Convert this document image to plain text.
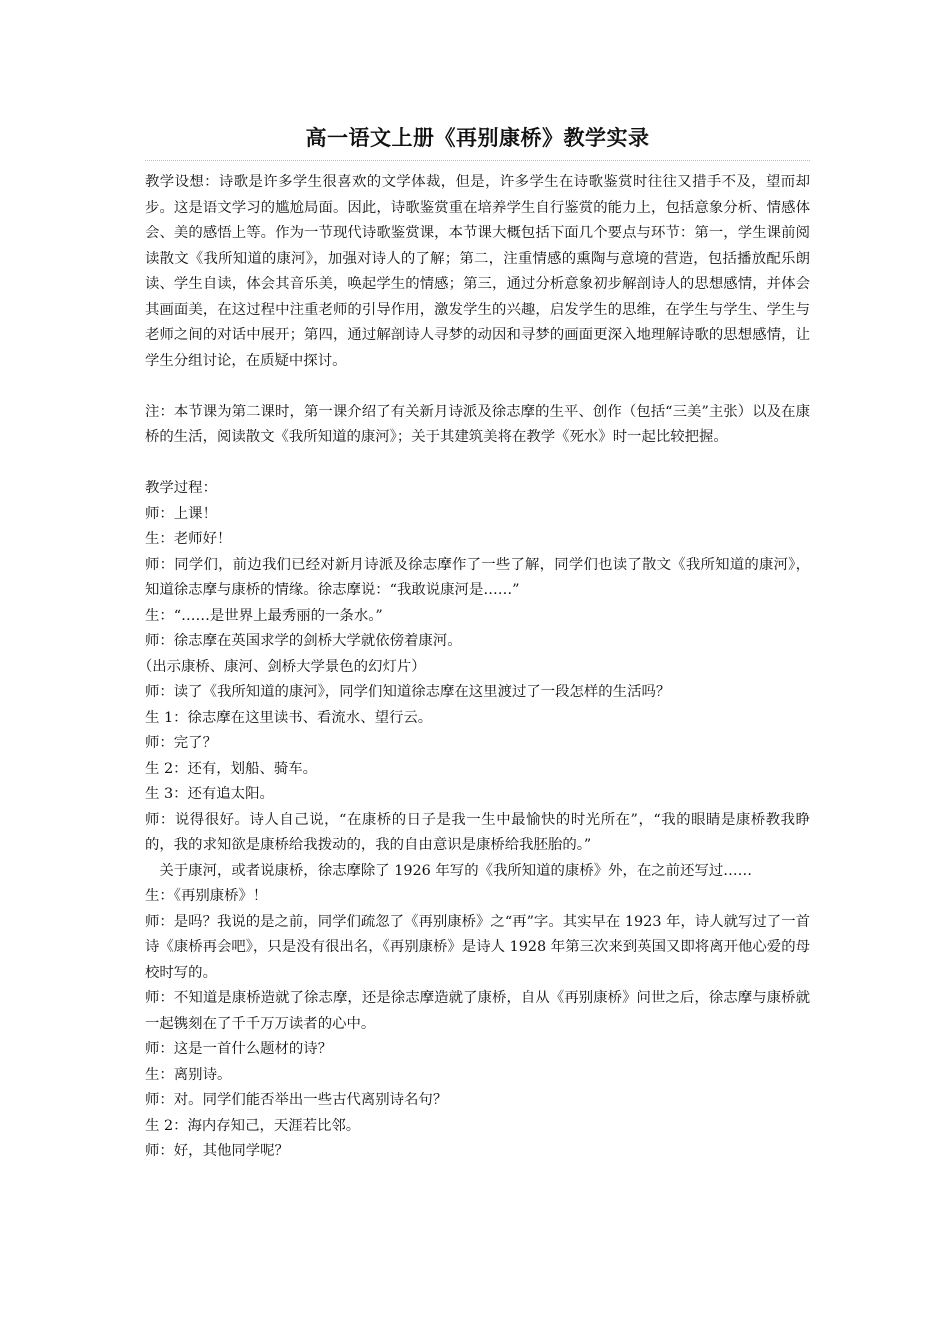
高一语文上册《再别康桥》教学实录

教学设想：诗歌是许多学生很喜欢的文学体裁，但是，许多学生在诗歌鉴赏时往往又措手不及，望而却步。这是语文学习的尴尬局面。因此，诗歌鉴赏重在培养学生自行鉴赏的能力上，包括意象分析、情感体会、美的感悟上等。作为一节现代诗歌鉴赏课，本节课大概包括下面几个要点与环节：第一，学生课前阅读散文《我所知道的康河》，加强对诗人的了解；第二，注重情感的熏陶与意境的营造，包括播放配乐朗读、学生自读，体会其音乐美，唤起学生的情感；第三，通过分析意象初步解剖诗人的思想感情，并体会其画面美，在这过程中注重老师的引导作用，激发学生的兴趣，启发学生的思维，在学生与学生、学生与老师之间的对话中展开；第四，通过解剖诗人寻梦的动因和寻梦的画面更深入地理解诗歌的思想感情，让学生分组讨论，在质疑中探讨。

注：本节课为第二课时，第一课介绍了有关新月诗派及徐志摩的生平、创作（包括“三美”主张）以及在康桥的生活，阅读散文《我所知道的康河》；关于其建筑美将在教学《死水》时一起比较把握。

教学过程：

师：上课！

生：老师好！

师：同学们，前边我们已经对新月诗派及徐志摩作了一些了解，同学们也读了散文《我所知道的康河》，知道徐志摩与康桥的情缘。徐志摩说：“我敢说康河是……”

生：“……是世界上最秀丽的一条水。”

师：徐志摩在英国求学的剑桥大学就依傍着康河。

（出示康桥、康河、剑桥大学景色的幻灯片）

师：读了《我所知道的康河》，同学们知道徐志摩在这里渡过了一段怎样的生活吗？

生 1：徐志摩在这里读书、看流水、望行云。

师：完了？

生 2：还有，划船、骑车。

生 3：还有追太阳。

师：说得很好。诗人自己说，“在康桥的日子是我一生中最愉快的时光所在”，“我的眼睛是康桥教我睁的，我的求知欲是康桥给我拨动的，我的自由意识是康桥给我胚胎的。”

关于康河，或者说康桥，徐志摩除了 1926 年写的《我所知道的康桥》外，在之前还写过……

生：《再别康桥》！

师：是吗？我说的是之前，同学们疏忽了《再别康桥》之“再”字。其实早在 1923 年，诗人就写过了一首诗《康桥再会吧》，只是没有很出名，《再别康桥》是诗人 1928 年第三次来到英国又即将离开他心爱的母校时写的。

师：不知道是康桥造就了徐志摩，还是徐志摩造就了康桥，自从《再别康桥》问世之后，徐志摩与康桥就一起镌刻在了千千万万读者的心中。

师：这是一首什么题材的诗？

生：离别诗。

师：对。同学们能否举出一些古代离别诗名句？

生 2：海内存知己，天涯若比邻。

师：好，其他同学呢？
